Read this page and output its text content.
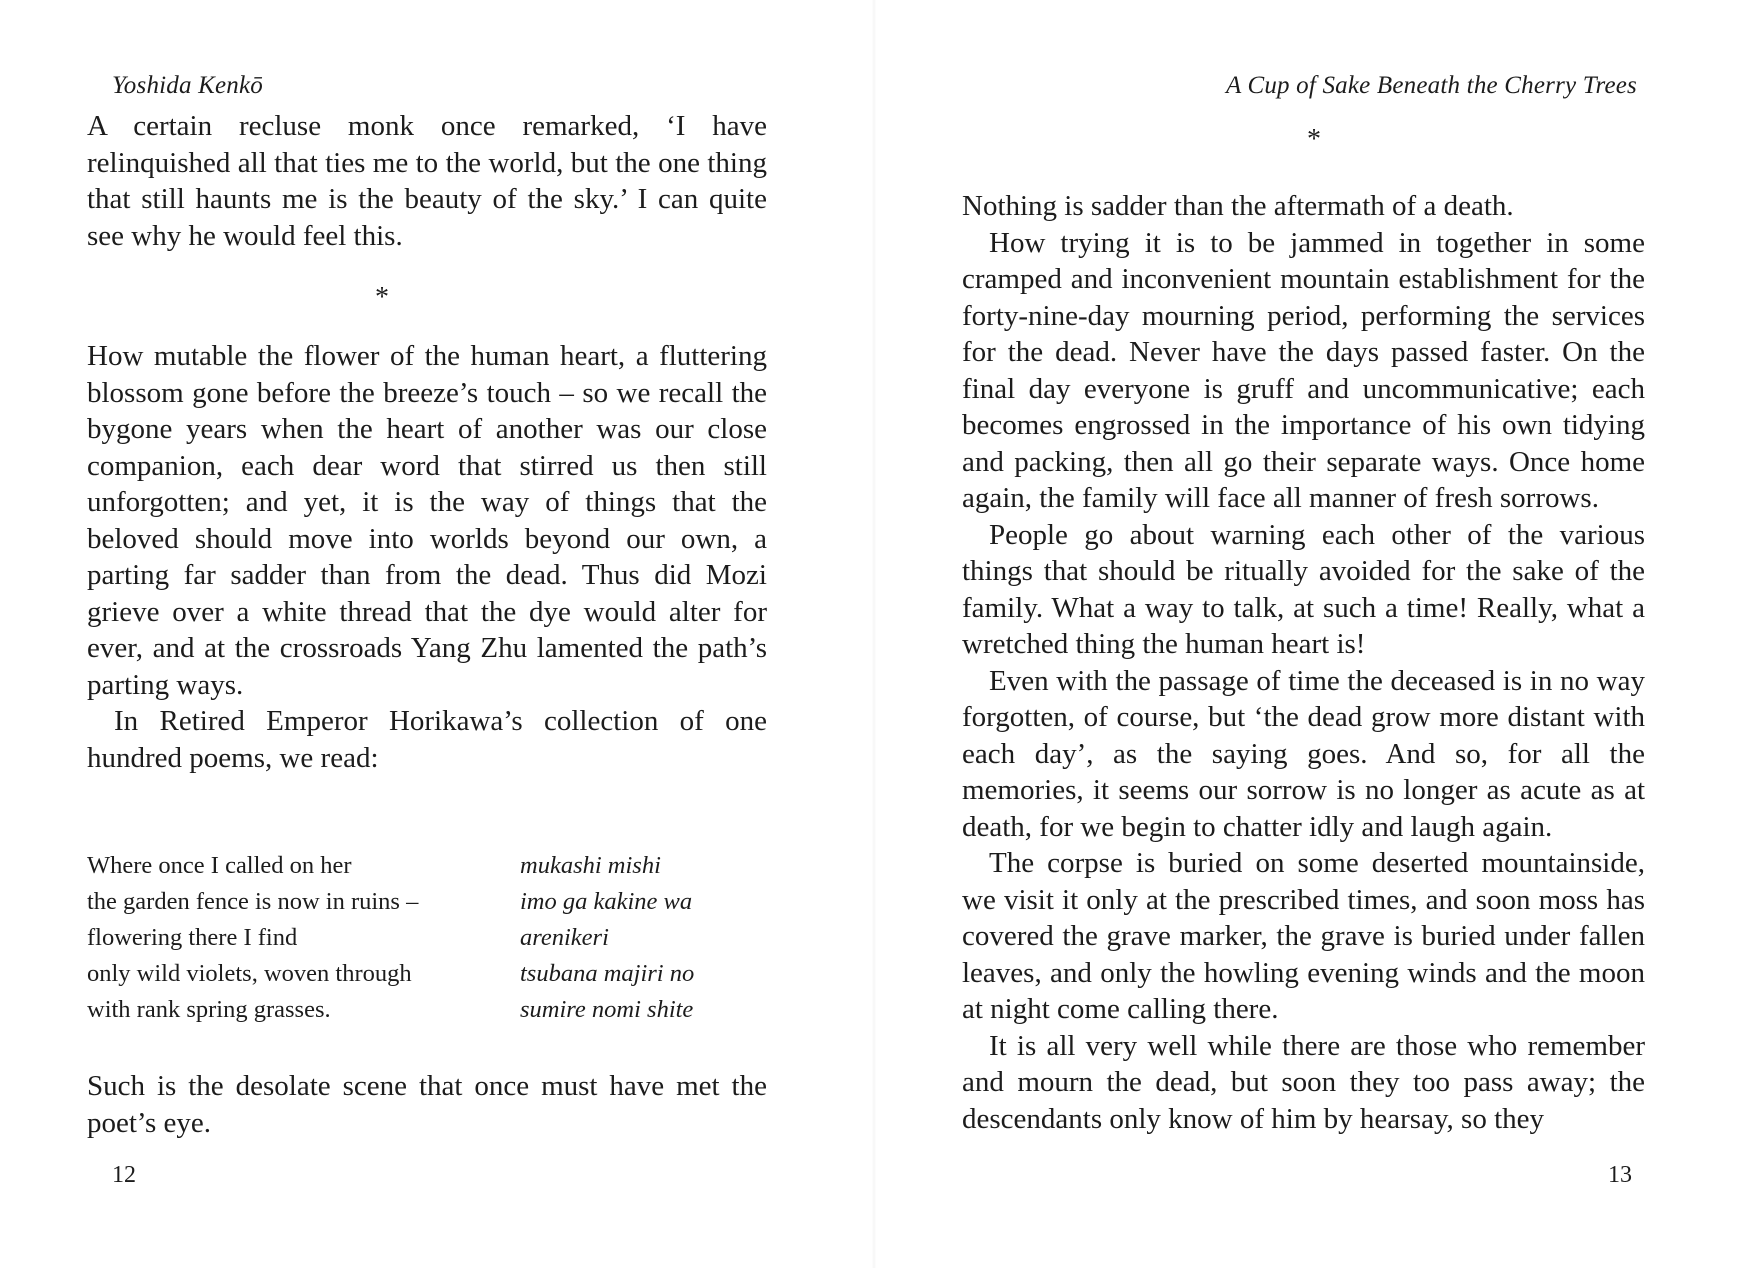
Yoshida Kenkō

A certain recluse monk once remarked, ‘I have relinquished all that ties me to the world, but the one thing that still haunts me is the beauty of the sky.’ I can quite see why he would feel this.

*

How mutable the flower of the human heart, a fluttering blossom gone before the breeze’s touch – so we recall the bygone years when the heart of another was our close companion, each dear word that stirred us then still unforgotten; and yet, it is the way of things that the beloved should move into worlds beyond our own, a parting far sadder than from the dead. Thus did Mozi grieve over a white thread that the dye would alter for ever, and at the crossroads Yang Zhu lamented the path’s parting ways.

In Retired Emperor Horikawa’s collection of one hundred poems, we read:

Where once I called on her	mukashi mishi
the garden fence is now in ruins –	imo ga kakine wa
flowering there I find	arenikeri
only wild violets, woven through	tsubana majiri no
with rank spring grasses.	sumire nomi shite

Such is the desolate scene that once must have met the poet’s eye.

12
A Cup of Sake Beneath the Cherry Trees
*

Nothing is sadder than the aftermath of a death.

How trying it is to be jammed in together in some cramped and inconvenient mountain establishment for the forty-nine-day mourning period, performing the services for the dead. Never have the days passed faster. On the final day everyone is gruff and uncommunicative; each becomes engrossed in the importance of his own tidying and packing, then all go their separate ways. Once home again, the family will face all manner of fresh sorrows.

People go about warning each other of the various things that should be ritually avoided for the sake of the family. What a way to talk, at such a time! Really, what a wretched thing the human heart is!

Even with the passage of time the deceased is in no way forgotten, of course, but ‘the dead grow more distant with each day’, as the saying goes. And so, for all the memories, it seems our sorrow is no longer as acute as at death, for we begin to chatter idly and laugh again.

The corpse is buried on some deserted mountainside, we visit it only at the prescribed times, and soon moss has covered the grave marker, the grave is buried under fallen leaves, and only the howling evening winds and the moon at night come calling there.

It is all very well while there are those who remember and mourn the dead, but soon they too pass away; the descendants only know of him by hearsay, so they

13
